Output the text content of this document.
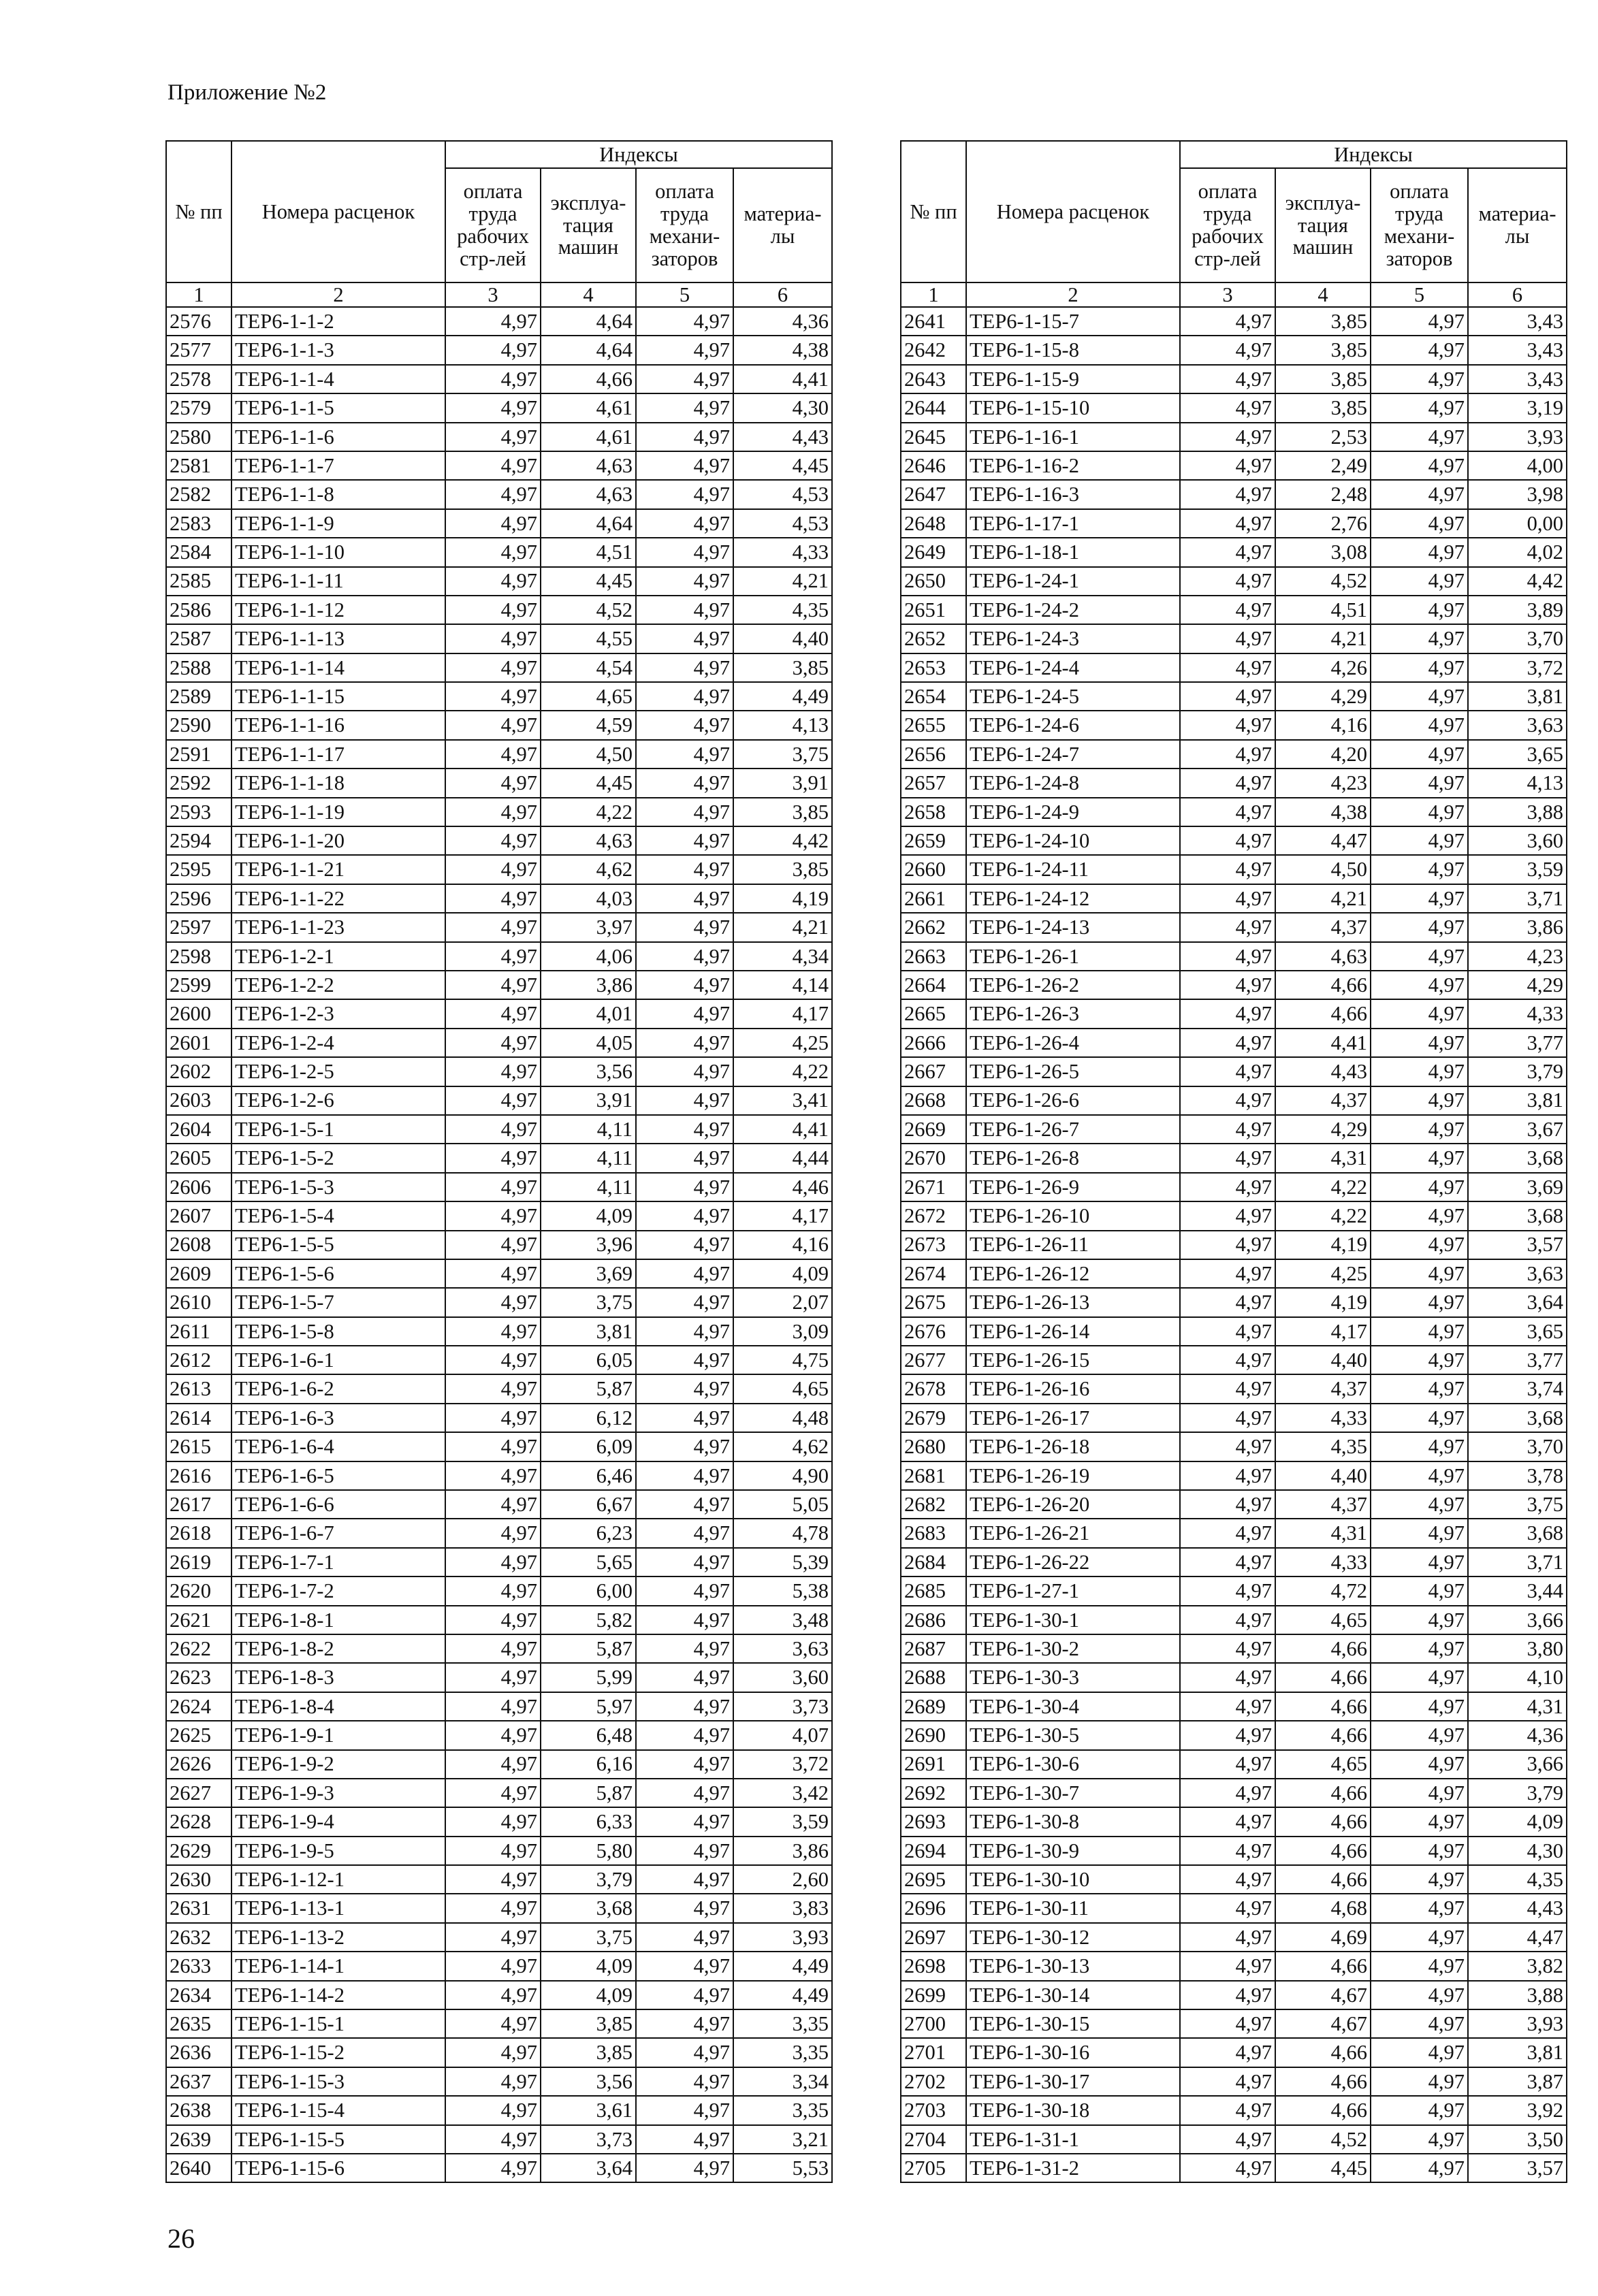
Приложение №2
№ пп	Номера расценок	Индексы			
		оплата труда рабочих стр-лей	эксплуа-тация машин	оплата труда механи-заторов	материа-лы
1	2	3	4	5	6
2576	ТЕР6-1-1-2	4,97	4,64	4,97	4,36
2577	ТЕР6-1-1-3	4,97	4,64	4,97	4,38
2578	ТЕР6-1-1-4	4,97	4,66	4,97	4,41
2579	ТЕР6-1-1-5	4,97	4,61	4,97	4,30
2580	ТЕР6-1-1-6	4,97	4,61	4,97	4,43
2581	ТЕР6-1-1-7	4,97	4,63	4,97	4,45
2582	ТЕР6-1-1-8	4,97	4,63	4,97	4,53
2583	ТЕР6-1-1-9	4,97	4,64	4,97	4,53
2584	ТЕР6-1-1-10	4,97	4,51	4,97	4,33
2585	ТЕР6-1-1-11	4,97	4,45	4,97	4,21
2586	ТЕР6-1-1-12	4,97	4,52	4,97	4,35
2587	ТЕР6-1-1-13	4,97	4,55	4,97	4,40
2588	ТЕР6-1-1-14	4,97	4,54	4,97	3,85
2589	ТЕР6-1-1-15	4,97	4,65	4,97	4,49
2590	ТЕР6-1-1-16	4,97	4,59	4,97	4,13
2591	ТЕР6-1-1-17	4,97	4,50	4,97	3,75
2592	ТЕР6-1-1-18	4,97	4,45	4,97	3,91
2593	ТЕР6-1-1-19	4,97	4,22	4,97	3,85
2594	ТЕР6-1-1-20	4,97	4,63	4,97	4,42
2595	ТЕР6-1-1-21	4,97	4,62	4,97	3,85
2596	ТЕР6-1-1-22	4,97	4,03	4,97	4,19
2597	ТЕР6-1-1-23	4,97	3,97	4,97	4,21
2598	ТЕР6-1-2-1	4,97	4,06	4,97	4,34
2599	ТЕР6-1-2-2	4,97	3,86	4,97	4,14
2600	ТЕР6-1-2-3	4,97	4,01	4,97	4,17
2601	ТЕР6-1-2-4	4,97	4,05	4,97	4,25
2602	ТЕР6-1-2-5	4,97	3,56	4,97	4,22
2603	ТЕР6-1-2-6	4,97	3,91	4,97	3,41
2604	ТЕР6-1-5-1	4,97	4,11	4,97	4,41
2605	ТЕР6-1-5-2	4,97	4,11	4,97	4,44
2606	ТЕР6-1-5-3	4,97	4,11	4,97	4,46
2607	ТЕР6-1-5-4	4,97	4,09	4,97	4,17
2608	ТЕР6-1-5-5	4,97	3,96	4,97	4,16
2609	ТЕР6-1-5-6	4,97	3,69	4,97	4,09
2610	ТЕР6-1-5-7	4,97	3,75	4,97	2,07
2611	ТЕР6-1-5-8	4,97	3,81	4,97	3,09
2612	ТЕР6-1-6-1	4,97	6,05	4,97	4,75
2613	ТЕР6-1-6-2	4,97	5,87	4,97	4,65
2614	ТЕР6-1-6-3	4,97	6,12	4,97	4,48
2615	ТЕР6-1-6-4	4,97	6,09	4,97	4,62
2616	ТЕР6-1-6-5	4,97	6,46	4,97	4,90
2617	ТЕР6-1-6-6	4,97	6,67	4,97	5,05
2618	ТЕР6-1-6-7	4,97	6,23	4,97	4,78
2619	ТЕР6-1-7-1	4,97	5,65	4,97	5,39
2620	ТЕР6-1-7-2	4,97	6,00	4,97	5,38
2621	ТЕР6-1-8-1	4,97	5,82	4,97	3,48
2622	ТЕР6-1-8-2	4,97	5,87	4,97	3,63
2623	ТЕР6-1-8-3	4,97	5,99	4,97	3,60
2624	ТЕР6-1-8-4	4,97	5,97	4,97	3,73
2625	ТЕР6-1-9-1	4,97	6,48	4,97	4,07
2626	ТЕР6-1-9-2	4,97	6,16	4,97	3,72
2627	ТЕР6-1-9-3	4,97	5,87	4,97	3,42
2628	ТЕР6-1-9-4	4,97	6,33	4,97	3,59
2629	ТЕР6-1-9-5	4,97	5,80	4,97	3,86
2630	ТЕР6-1-12-1	4,97	3,79	4,97	2,60
2631	ТЕР6-1-13-1	4,97	3,68	4,97	3,83
2632	ТЕР6-1-13-2	4,97	3,75	4,97	3,93
2633	ТЕР6-1-14-1	4,97	4,09	4,97	4,49
2634	ТЕР6-1-14-2	4,97	4,09	4,97	4,49
2635	ТЕР6-1-15-1	4,97	3,85	4,97	3,35
2636	ТЕР6-1-15-2	4,97	3,85	4,97	3,35
2637	ТЕР6-1-15-3	4,97	3,56	4,97	3,34
2638	ТЕР6-1-15-4	4,97	3,61	4,97	3,35
2639	ТЕР6-1-15-5	4,97	3,73	4,97	3,21
2640	ТЕР6-1-15-6	4,97	3,64	4,97	5,53
№ пп	Номера расценок	Индексы			
		оплата труда рабочих стр-лей	эксплуа-тация машин	оплата труда механи-заторов	материа-лы
1	2	3	4	5	6
2641	ТЕР6-1-15-7	4,97	3,85	4,97	3,43
2642	ТЕР6-1-15-8	4,97	3,85	4,97	3,43
2643	ТЕР6-1-15-9	4,97	3,85	4,97	3,43
2644	ТЕР6-1-15-10	4,97	3,85	4,97	3,19
2645	ТЕР6-1-16-1	4,97	2,53	4,97	3,93
2646	ТЕР6-1-16-2	4,97	2,49	4,97	4,00
2647	ТЕР6-1-16-3	4,97	2,48	4,97	3,98
2648	ТЕР6-1-17-1	4,97	2,76	4,97	0,00
2649	ТЕР6-1-18-1	4,97	3,08	4,97	4,02
2650	ТЕР6-1-24-1	4,97	4,52	4,97	4,42
2651	ТЕР6-1-24-2	4,97	4,51	4,97	3,89
2652	ТЕР6-1-24-3	4,97	4,21	4,97	3,70
2653	ТЕР6-1-24-4	4,97	4,26	4,97	3,72
2654	ТЕР6-1-24-5	4,97	4,29	4,97	3,81
2655	ТЕР6-1-24-6	4,97	4,16	4,97	3,63
2656	ТЕР6-1-24-7	4,97	4,20	4,97	3,65
2657	ТЕР6-1-24-8	4,97	4,23	4,97	4,13
2658	ТЕР6-1-24-9	4,97	4,38	4,97	3,88
2659	ТЕР6-1-24-10	4,97	4,47	4,97	3,60
2660	ТЕР6-1-24-11	4,97	4,50	4,97	3,59
2661	ТЕР6-1-24-12	4,97	4,21	4,97	3,71
2662	ТЕР6-1-24-13	4,97	4,37	4,97	3,86
2663	ТЕР6-1-26-1	4,97	4,63	4,97	4,23
2664	ТЕР6-1-26-2	4,97	4,66	4,97	4,29
2665	ТЕР6-1-26-3	4,97	4,66	4,97	4,33
2666	ТЕР6-1-26-4	4,97	4,41	4,97	3,77
2667	ТЕР6-1-26-5	4,97	4,43	4,97	3,79
2668	ТЕР6-1-26-6	4,97	4,37	4,97	3,81
2669	ТЕР6-1-26-7	4,97	4,29	4,97	3,67
2670	ТЕР6-1-26-8	4,97	4,31	4,97	3,68
2671	ТЕР6-1-26-9	4,97	4,22	4,97	3,69
2672	ТЕР6-1-26-10	4,97	4,22	4,97	3,68
2673	ТЕР6-1-26-11	4,97	4,19	4,97	3,57
2674	ТЕР6-1-26-12	4,97	4,25	4,97	3,63
2675	ТЕР6-1-26-13	4,97	4,19	4,97	3,64
2676	ТЕР6-1-26-14	4,97	4,17	4,97	3,65
2677	ТЕР6-1-26-15	4,97	4,40	4,97	3,77
2678	ТЕР6-1-26-16	4,97	4,37	4,97	3,74
2679	ТЕР6-1-26-17	4,97	4,33	4,97	3,68
2680	ТЕР6-1-26-18	4,97	4,35	4,97	3,70
2681	ТЕР6-1-26-19	4,97	4,40	4,97	3,78
2682	ТЕР6-1-26-20	4,97	4,37	4,97	3,75
2683	ТЕР6-1-26-21	4,97	4,31	4,97	3,68
2684	ТЕР6-1-26-22	4,97	4,33	4,97	3,71
2685	ТЕР6-1-27-1	4,97	4,72	4,97	3,44
2686	ТЕР6-1-30-1	4,97	4,65	4,97	3,66
2687	ТЕР6-1-30-2	4,97	4,66	4,97	3,80
2688	ТЕР6-1-30-3	4,97	4,66	4,97	4,10
2689	ТЕР6-1-30-4	4,97	4,66	4,97	4,31
2690	ТЕР6-1-30-5	4,97	4,66	4,97	4,36
2691	ТЕР6-1-30-6	4,97	4,65	4,97	3,66
2692	ТЕР6-1-30-7	4,97	4,66	4,97	3,79
2693	ТЕР6-1-30-8	4,97	4,66	4,97	4,09
2694	ТЕР6-1-30-9	4,97	4,66	4,97	4,30
2695	ТЕР6-1-30-10	4,97	4,66	4,97	4,35
2696	ТЕР6-1-30-11	4,97	4,68	4,97	4,43
2697	ТЕР6-1-30-12	4,97	4,69	4,97	4,47
2698	ТЕР6-1-30-13	4,97	4,66	4,97	3,82
2699	ТЕР6-1-30-14	4,97	4,67	4,97	3,88
2700	ТЕР6-1-30-15	4,97	4,67	4,97	3,93
2701	ТЕР6-1-30-16	4,97	4,66	4,97	3,81
2702	ТЕР6-1-30-17	4,97	4,66	4,97	3,87
2703	ТЕР6-1-30-18	4,97	4,66	4,97	3,92
2704	ТЕР6-1-31-1	4,97	4,52	4,97	3,50
2705	ТЕР6-1-31-2	4,97	4,45	4,97	3,57
26
